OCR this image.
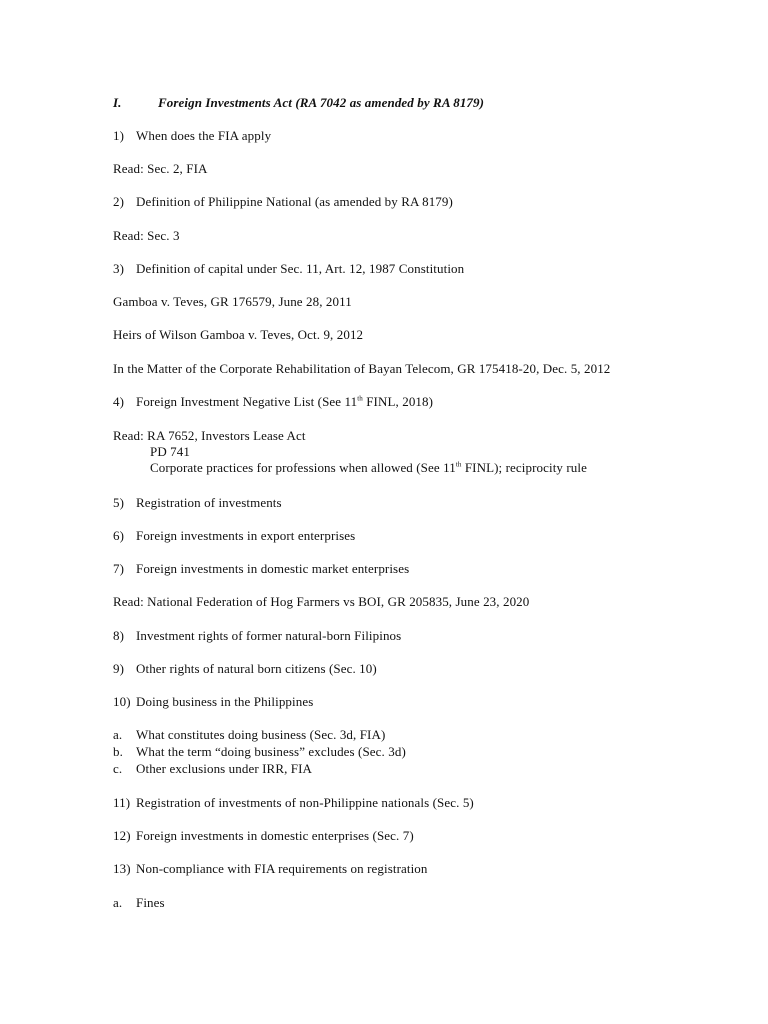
I.	Foreign Investments Act (RA 7042 as amended by RA 8179)
1) When does the FIA apply
Read: Sec. 2, FIA
2) Definition of Philippine National (as amended by RA 8179)
Read: Sec. 3
3) Definition of capital under Sec. 11, Art. 12, 1987 Constitution
Gamboa v. Teves, GR 176579, June 28, 2011
Heirs of Wilson Gamboa v. Teves, Oct. 9, 2012
In the Matter of the Corporate Rehabilitation of Bayan Telecom, GR 175418-20, Dec. 5, 2012
4) Foreign Investment Negative List (See 11th FINL, 2018)
Read: RA 7652, Investors Lease Act
PD 741
Corporate practices for professions when allowed (See 11th FINL); reciprocity rule
5) Registration of investments
6) Foreign investments in export enterprises
7) Foreign investments in domestic market enterprises
Read: National Federation of Hog Farmers vs BOI, GR 205835, June 23, 2020
8) Investment rights of former natural-born Filipinos
9) Other rights of natural born citizens (Sec. 10)
10) Doing business in the Philippines
a. What constitutes doing business (Sec. 3d, FIA)
b. What the term “doing business” excludes (Sec. 3d)
c. Other exclusions under IRR, FIA
11) Registration of investments of non-Philippine nationals (Sec. 5)
12) Foreign investments in domestic enterprises (Sec. 7)
13) Non-compliance with FIA requirements on registration
a. Fines
